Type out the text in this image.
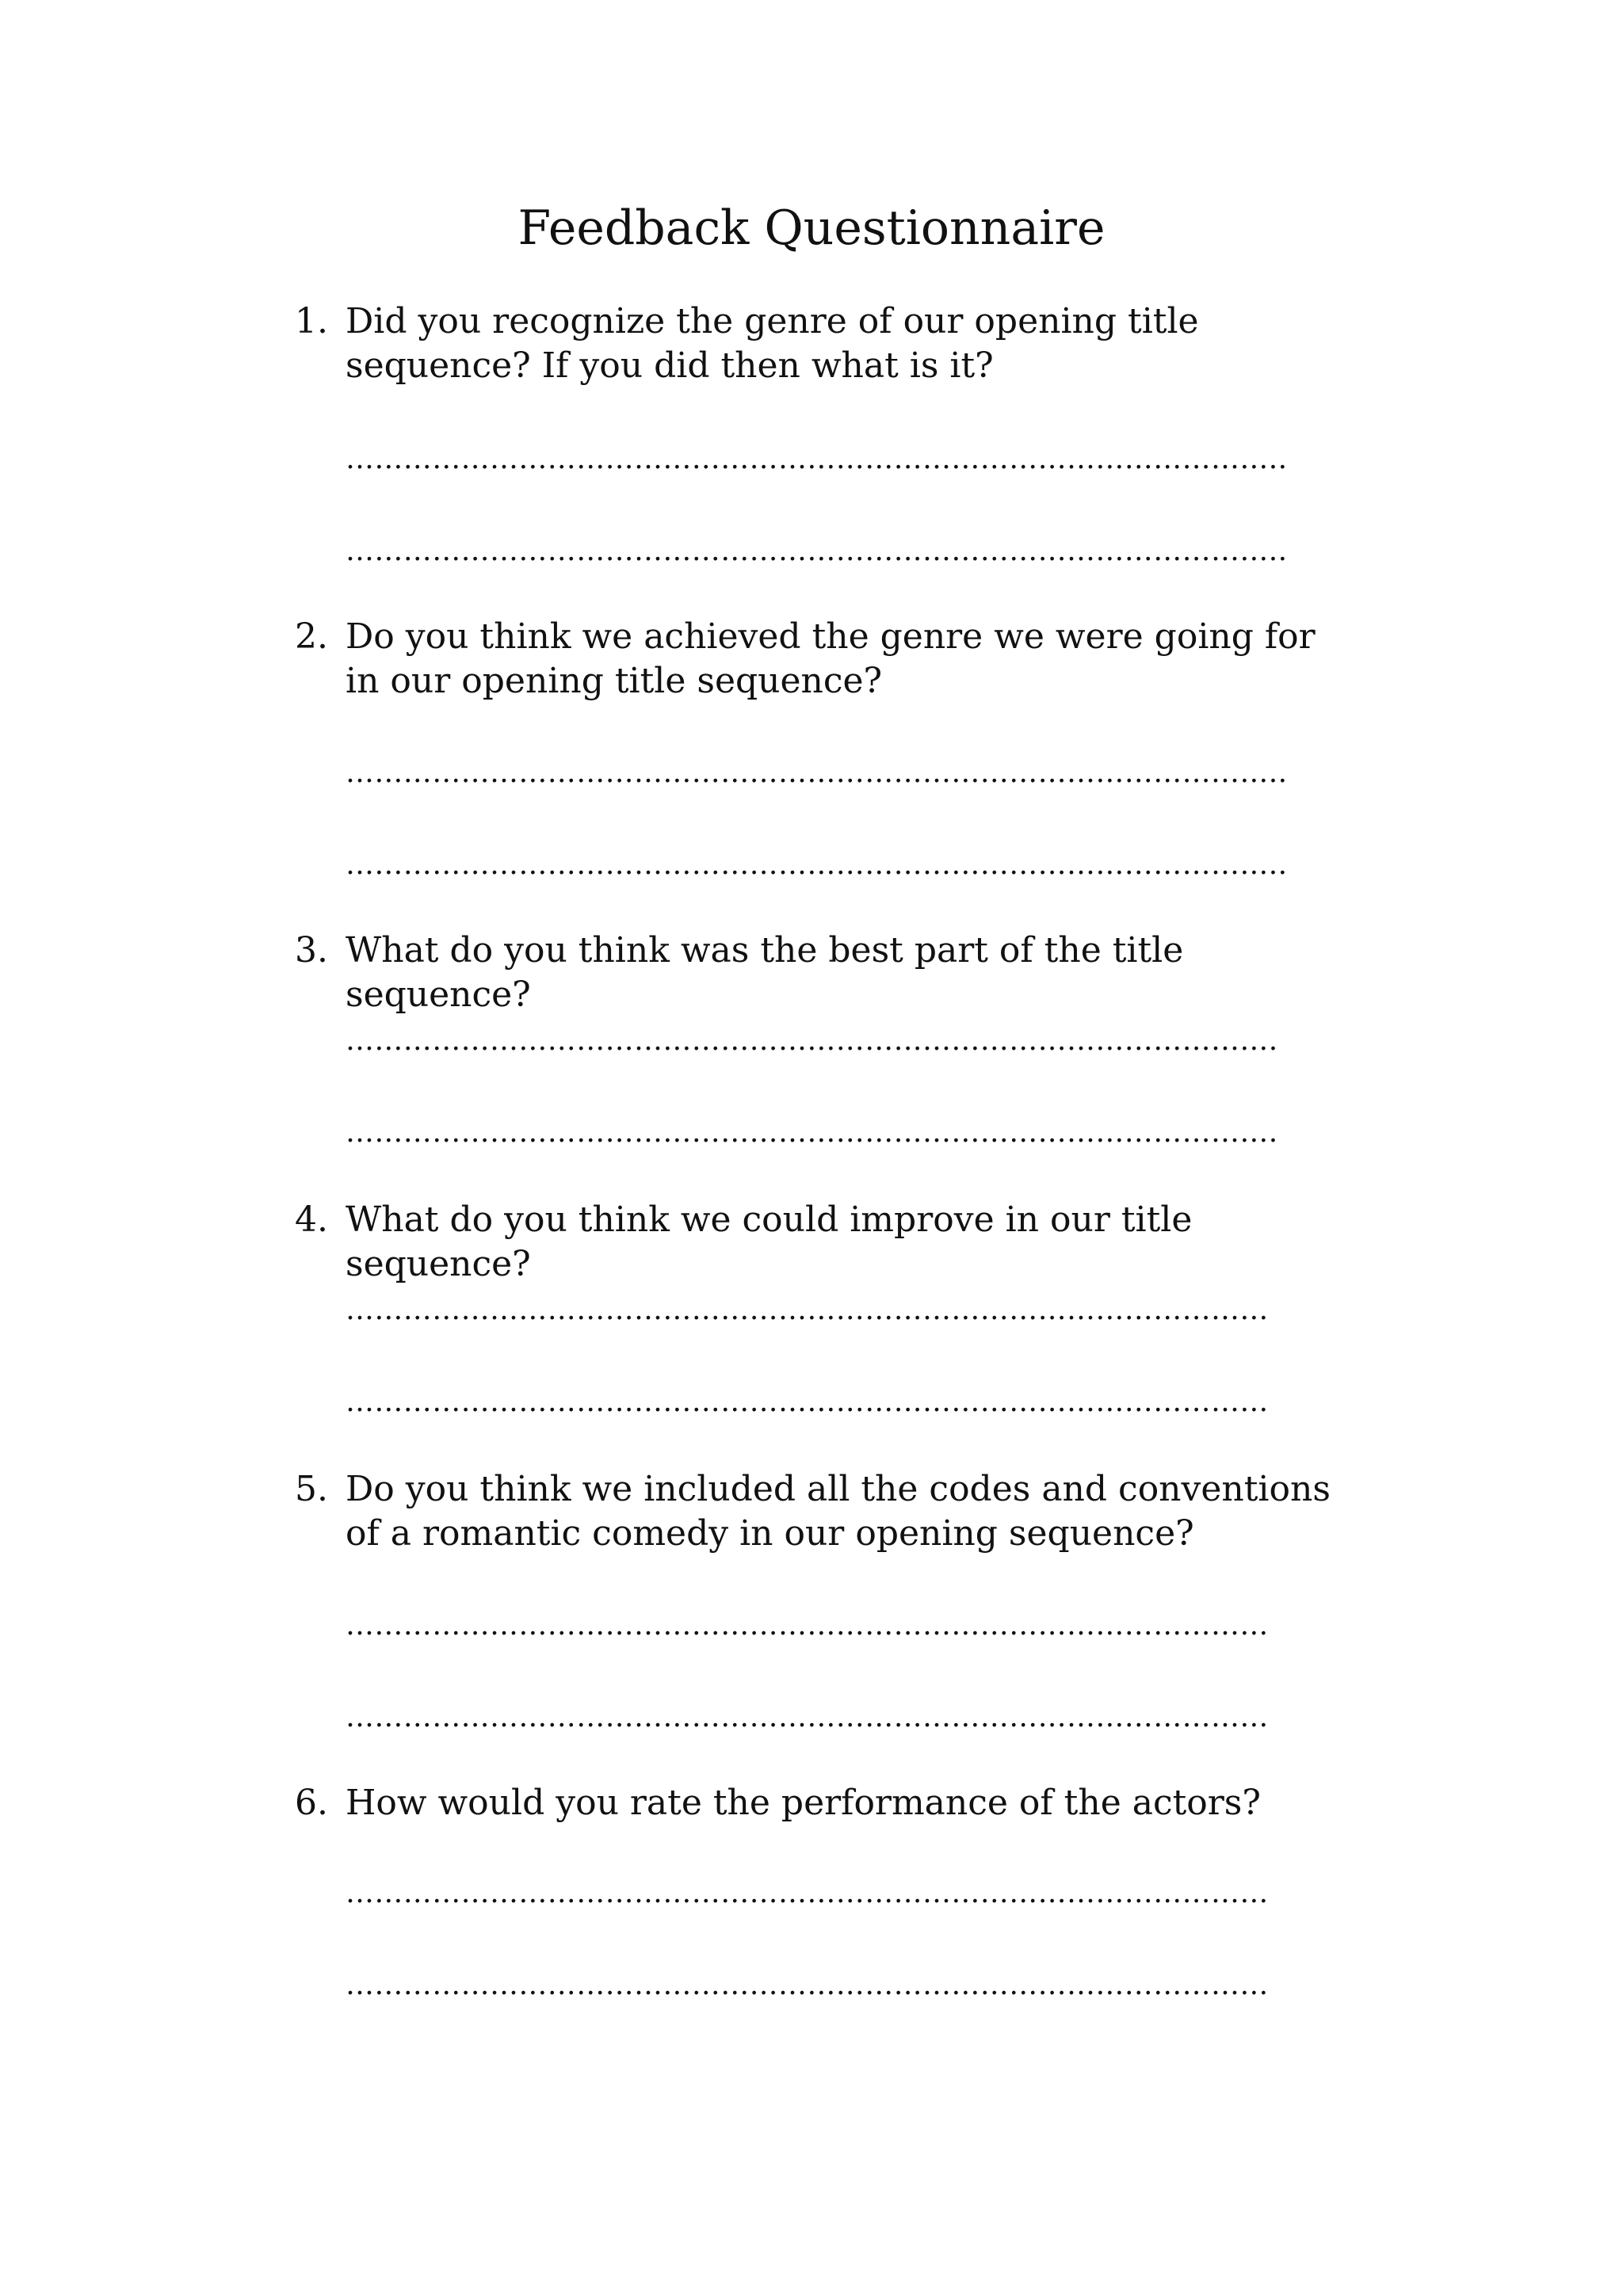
Feedback Questionnaire
1. Did you recognize the genre of our opening title sequence? If you did then what is it?
……………………………………………………………………………………..
……………………………………………………………………………………..
2. Do you think we achieved the genre we were going for in our opening title sequence?
……………………………………………………………………………………..
……………………………………………………………………………………..
3. What do you think was the best part of the title sequence?
…………………………………………………………………………………….
…………………………………………………………………………………….
4. What do you think we could improve in our title sequence?
……………………………………………………………………………………
……………………………………………………………………………………
5. Do you think we included all the codes and conventions of a romantic comedy in our opening sequence?
……………………………………………………………………………………
……………………………………………………………………………………
6. How would you rate the performance of the actors?
……………………………………………………………………………………
……………………………………………………………………………………
